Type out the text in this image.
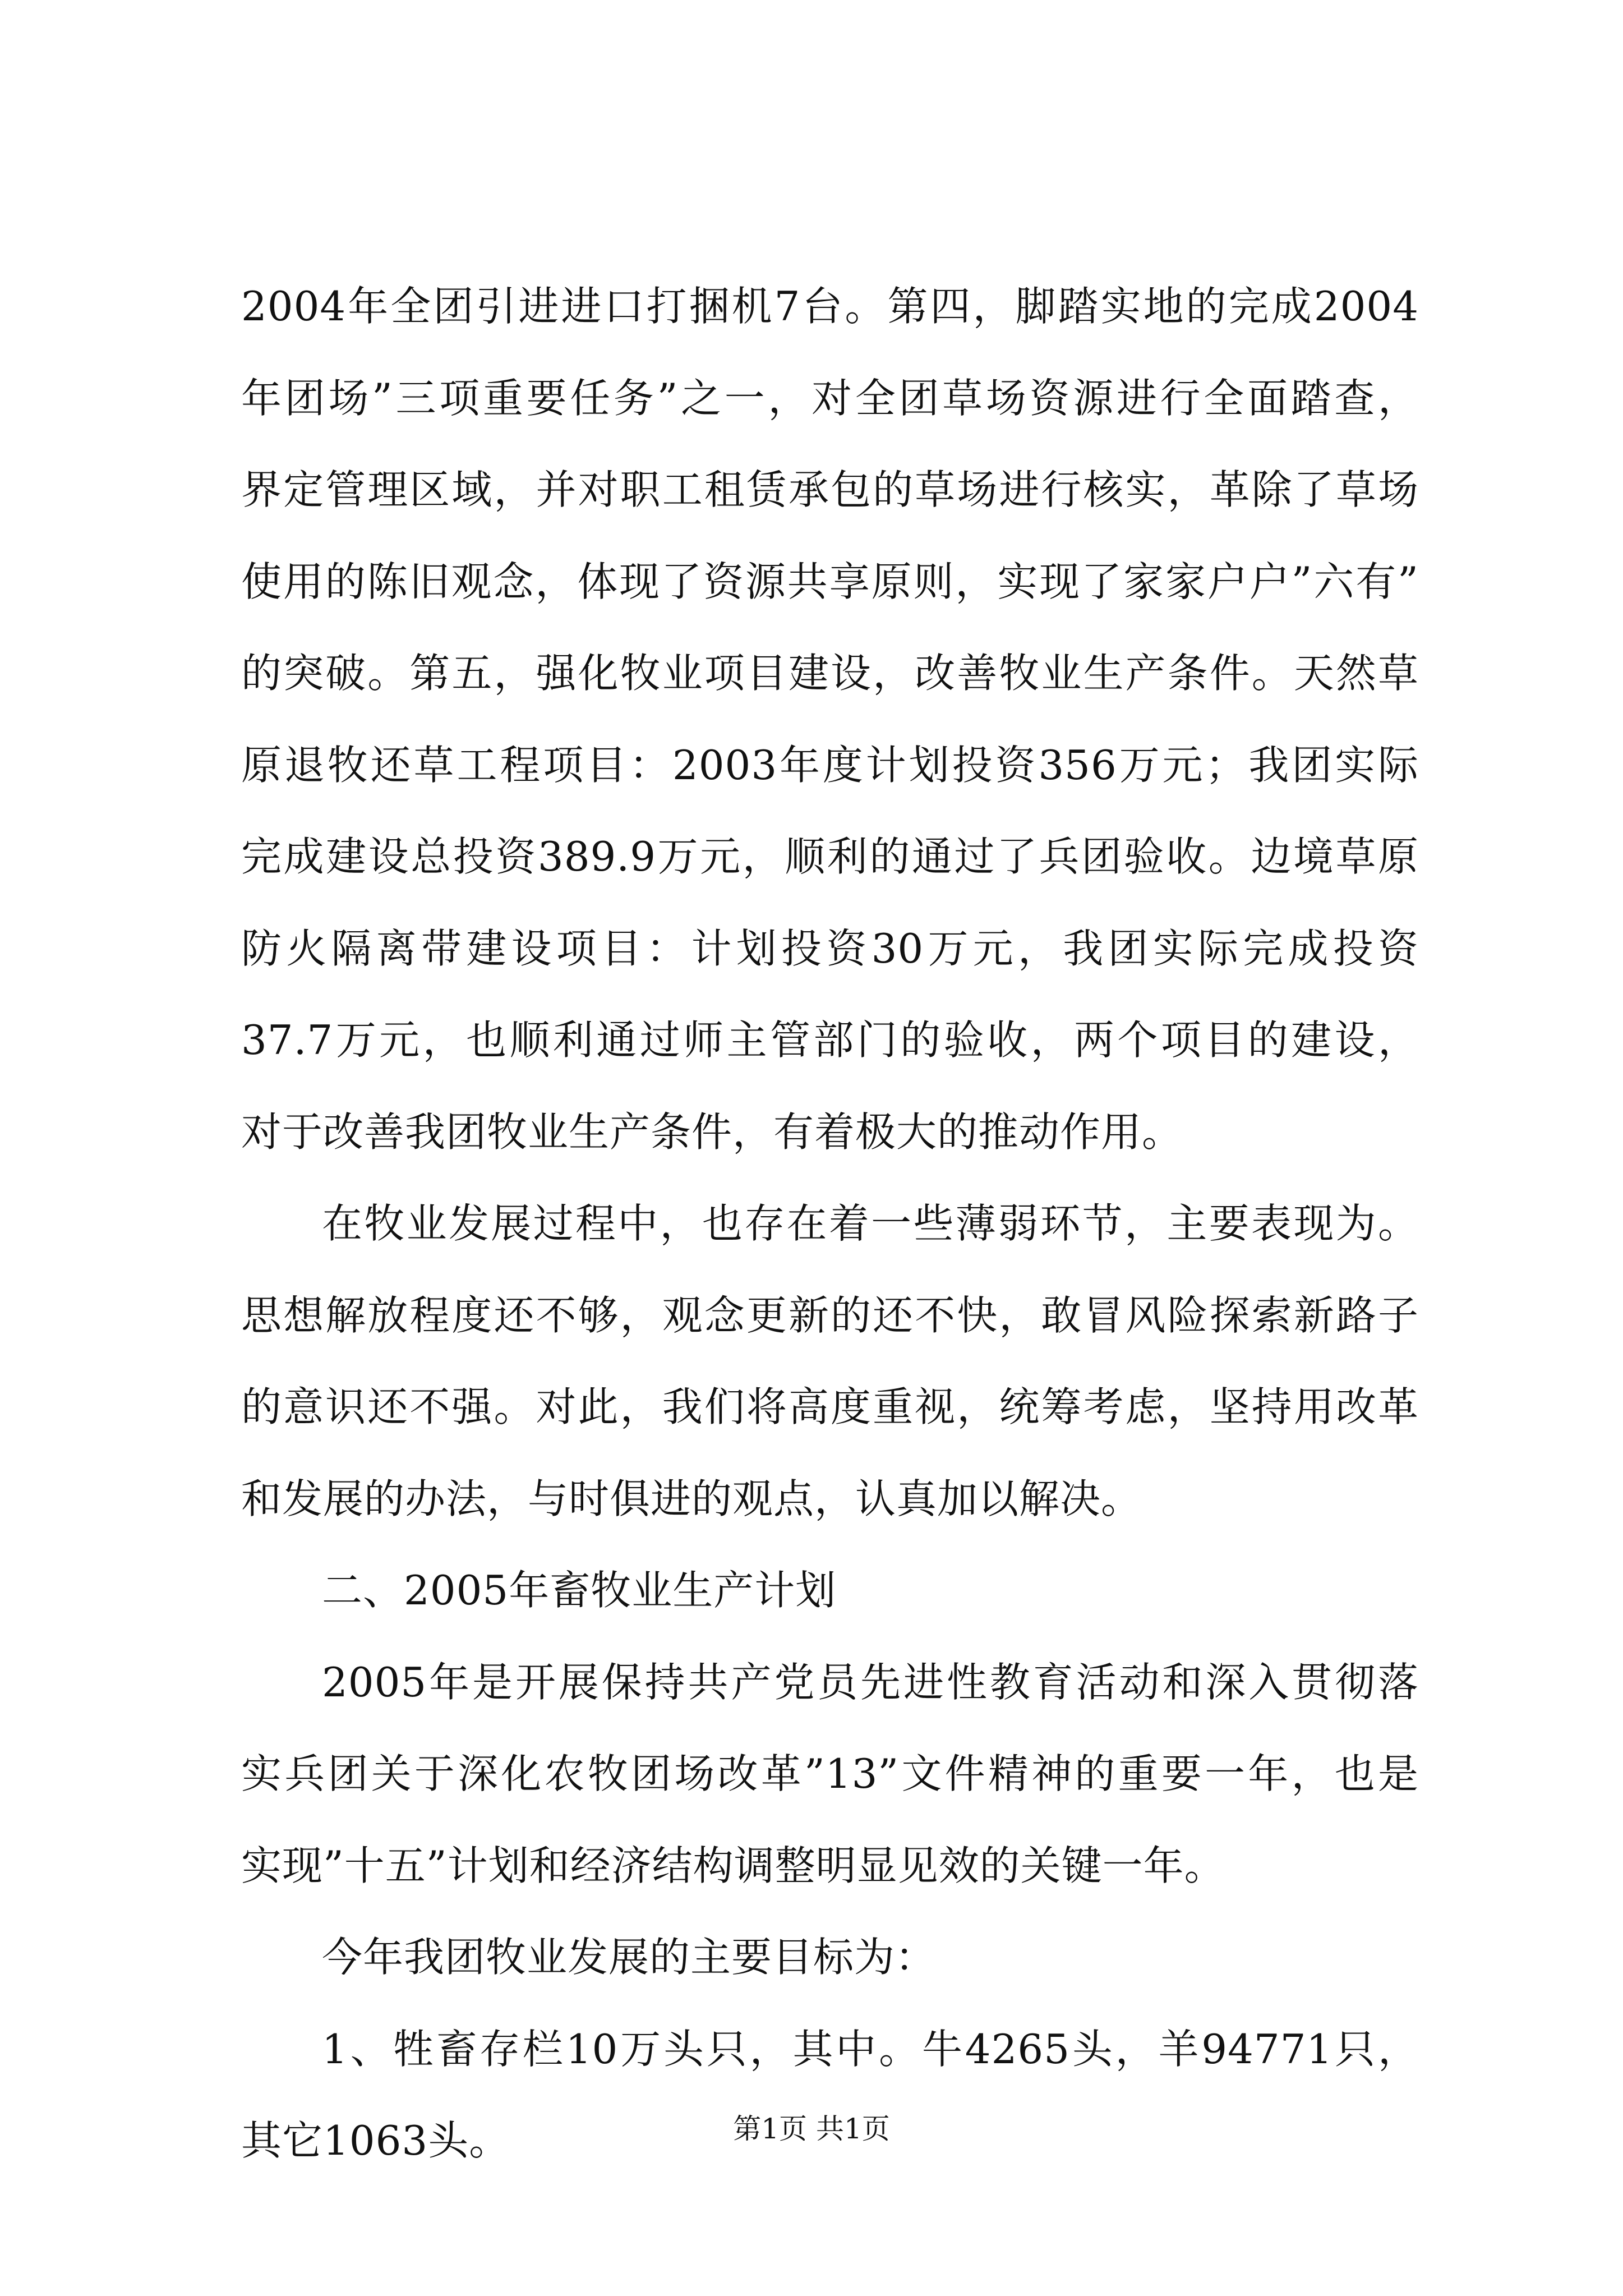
2004年全团引进进口打捆机7台。第四，脚踏实地的完成2004
年团场”三项重要任务”之一，对全团草场资源进行全面踏查，
界定管理区域，并对职工租赁承包的草场进行核实，革除了草场
使用的陈旧观念，体现了资源共享原则，实现了家家户户”六有”
的突破。第五，强化牧业项目建设，改善牧业生产条件。天然草
原退牧还草工程项目：2003年度计划投资356万元；我团实际
完成建设总投资389.9万元，顺利的通过了兵团验收。边境草原
防火隔离带建设项目：计划投资30万元，我团实际完成投资
37.7万元，也顺利通过师主管部门的验收，两个项目的建设，
对于改善我团牧业生产条件，有着极大的推动作用。
在牧业发展过程中，也存在着一些薄弱环节，主要表现为。
思想解放程度还不够，观念更新的还不快，敢冒风险探索新路子
的意识还不强。对此，我们将高度重视，统筹考虑，坚持用改革
和发展的办法，与时俱进的观点，认真加以解决。
二、2005年畜牧业生产计划
2005年是开展保持共产党员先进性教育活动和深入贯彻落
实兵团关于深化农牧团场改革”13”文件精神的重要一年，也是
实现”十五”计划和经济结构调整明显见效的关键一年。
今年我团牧业发展的主要目标为：
1、牲畜存栏10万头只，其中。牛4265头，羊94771只，
其它1063头。	第1页 共1页
